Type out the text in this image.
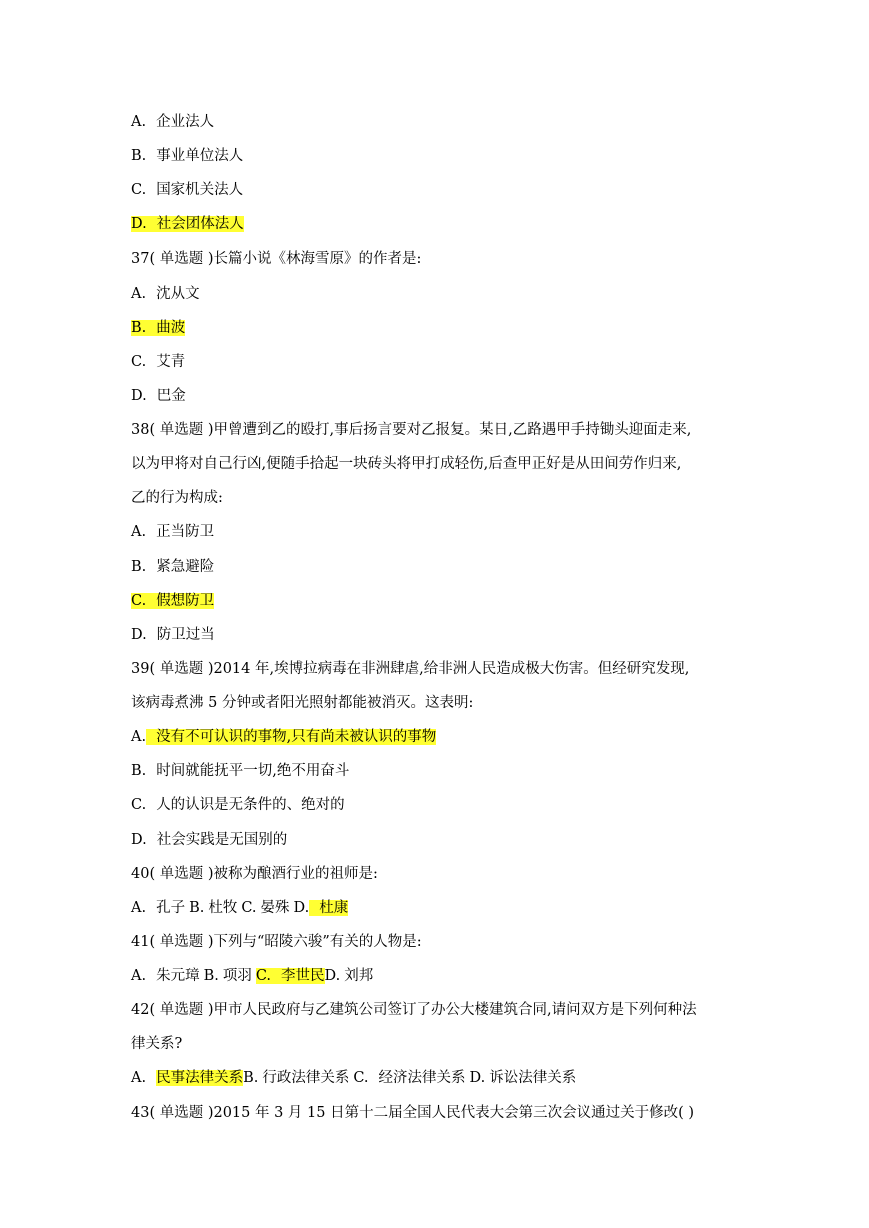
A. 企业法人
B. 事业单位法人
C. 国家机关法人
D. 社会团体法人
37( 单选题 )长篇小说《林海雪原》的作者是:
A. 沈从文
B. 曲波
C. 艾青
D. 巴金
38( 单选题 )甲曾遭到乙的殴打,事后扬言要对乙报复。某日,乙路遇甲手持锄头迎面走来,
以为甲将对自己行凶,便随手拾起一块砖头将甲打成轻伤,后查甲正好是从田间劳作归来,
乙的行为构成:
A. 正当防卫
B. 紧急避险
C. 假想防卫
D. 防卫过当
39( 单选题 )2014 年,埃博拉病毒在非洲肆虐,给非洲人民造成极大伤害。但经研究发现,
该病毒煮沸 5 分钟或者阳光照射都能被消灭。这表明:
A. 没有不可认识的事物,只有尚未被认识的事物
B. 时间就能抚平一切,绝不用奋斗
C. 人的认识是无条件的、绝对的
D. 社会实践是无国别的
40( 单选题 )被称为酿酒行业的祖师是:
A. 孔子 B. 杜牧 C. 晏殊 D. 杜康
41( 单选题 )下列与“昭陵六骏”有关的人物是:
A. 朱元璋 B. 项羽 C. 李世民D. 刘邦
42( 单选题 )甲市人民政府与乙建筑公司签订了办公大楼建筑合同,请问双方是下列何种法
律关系?
A. 民事法律关系B. 行政法律关系 C. 经济法律关系 D. 诉讼法律关系
43( 单选题 )2015 年 3 月 15 日第十二届全国人民代表大会第三次会议通过关于修改( )
